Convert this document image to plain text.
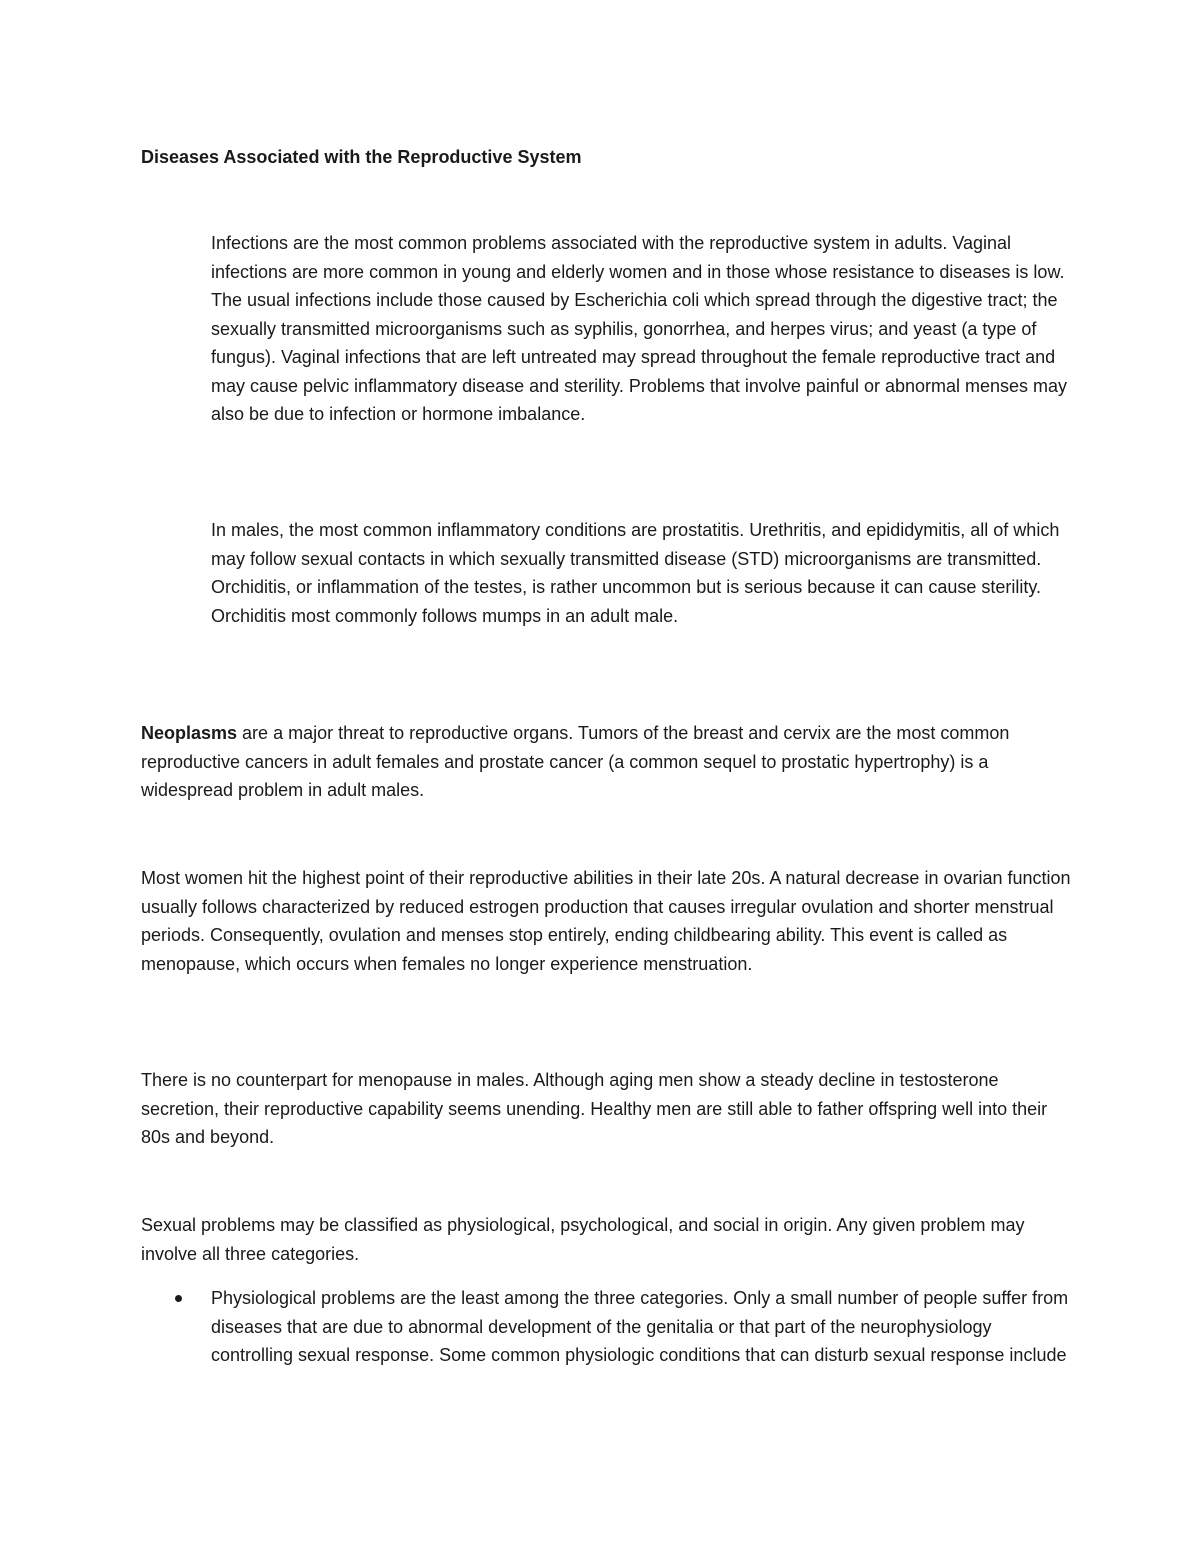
Diseases Associated with the Reproductive System

Infections are the most common problems associated with the reproductive system in adults. Vaginal infections are more common in young and elderly women and in those whose resistance to diseases is low. The usual infections include those caused by Escherichia coli which spread through the digestive tract; the sexually transmitted microorganisms such as syphilis, gonorrhea, and herpes virus; and yeast (a type of fungus). Vaginal infections that are left untreated may spread throughout the female reproductive tract and may cause pelvic inflammatory disease and sterility. Problems that involve painful or abnormal menses may also be due to infection or hormone imbalance.

In males, the most common inflammatory conditions are prostatitis. Urethritis, and epididymitis, all of which may follow sexual contacts in which sexually transmitted disease (STD) microorganisms are transmitted. Orchiditis, or inflammation of the testes, is rather uncommon but is serious because it can cause sterility. Orchiditis most commonly follows mumps in an adult male.

Neoplasms are a major threat to reproductive organs. Tumors of the breast and cervix are the most common reproductive cancers in adult females and prostate cancer (a common sequel to prostatic hypertrophy) is a widespread problem in adult males.

Most women hit the highest point of their reproductive abilities in their late 20s. A natural decrease in ovarian function usually follows characterized by reduced estrogen production that causes irregular ovulation and shorter menstrual periods. Consequently, ovulation and menses stop entirely, ending childbearing ability. This event is called as menopause, which occurs when females no longer experience menstruation.

There is no counterpart for menopause in males. Although aging men show a steady decline in testosterone secretion, their reproductive capability seems unending. Healthy men are still able to father offspring well into their 80s and beyond.

Sexual problems may be classified as physiological, psychological, and social in origin. Any given problem may involve all three categories.

Physiological problems are the least among the three categories. Only a small number of people suffer from diseases that are due to abnormal development of the genitalia or that part of the neurophysiology controlling sexual response. Some common physiologic conditions that can disturb sexual response include
